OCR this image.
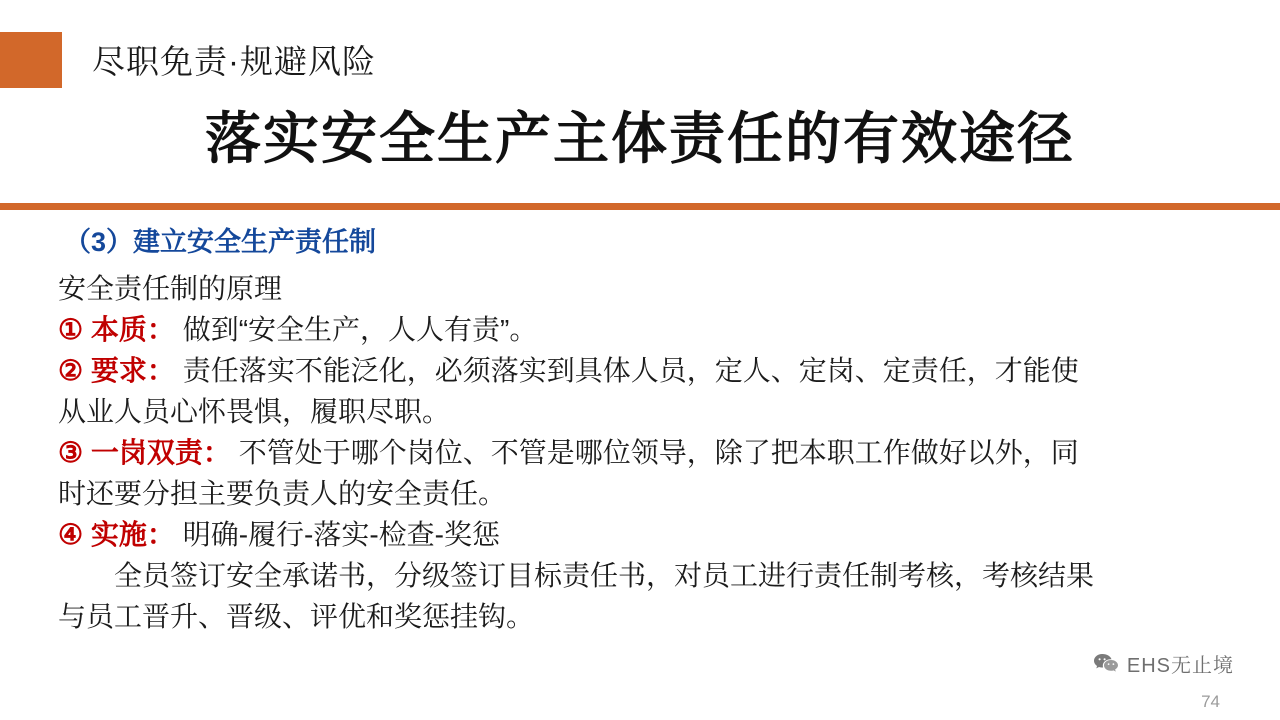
尽职免责·规避风险
落实安全生产主体责任的有效途径
（3）建立安全生产责任制

安全责任制的原理

① 本质： 做到“安全生产，人人有责”。

② 要求： 责任落实不能泛化，必须落实到具体人员，定人、定岗、定责任，才能使

从业人员心怀畏惧，履职尽职。

③ 一岗双责： 不管处于哪个岗位、不管是哪位领导，除了把本职工作做好以外，同

时还要分担主要负责人的安全责任。

④ 实施： 明确-履行-落实-检查-奖惩

全员签订安全承诺书，分级签订目标责任书，对员工进行责任制考核，考核结果

与员工晋升、晋级、评优和奖惩挂钩。

EHS无止境
74
